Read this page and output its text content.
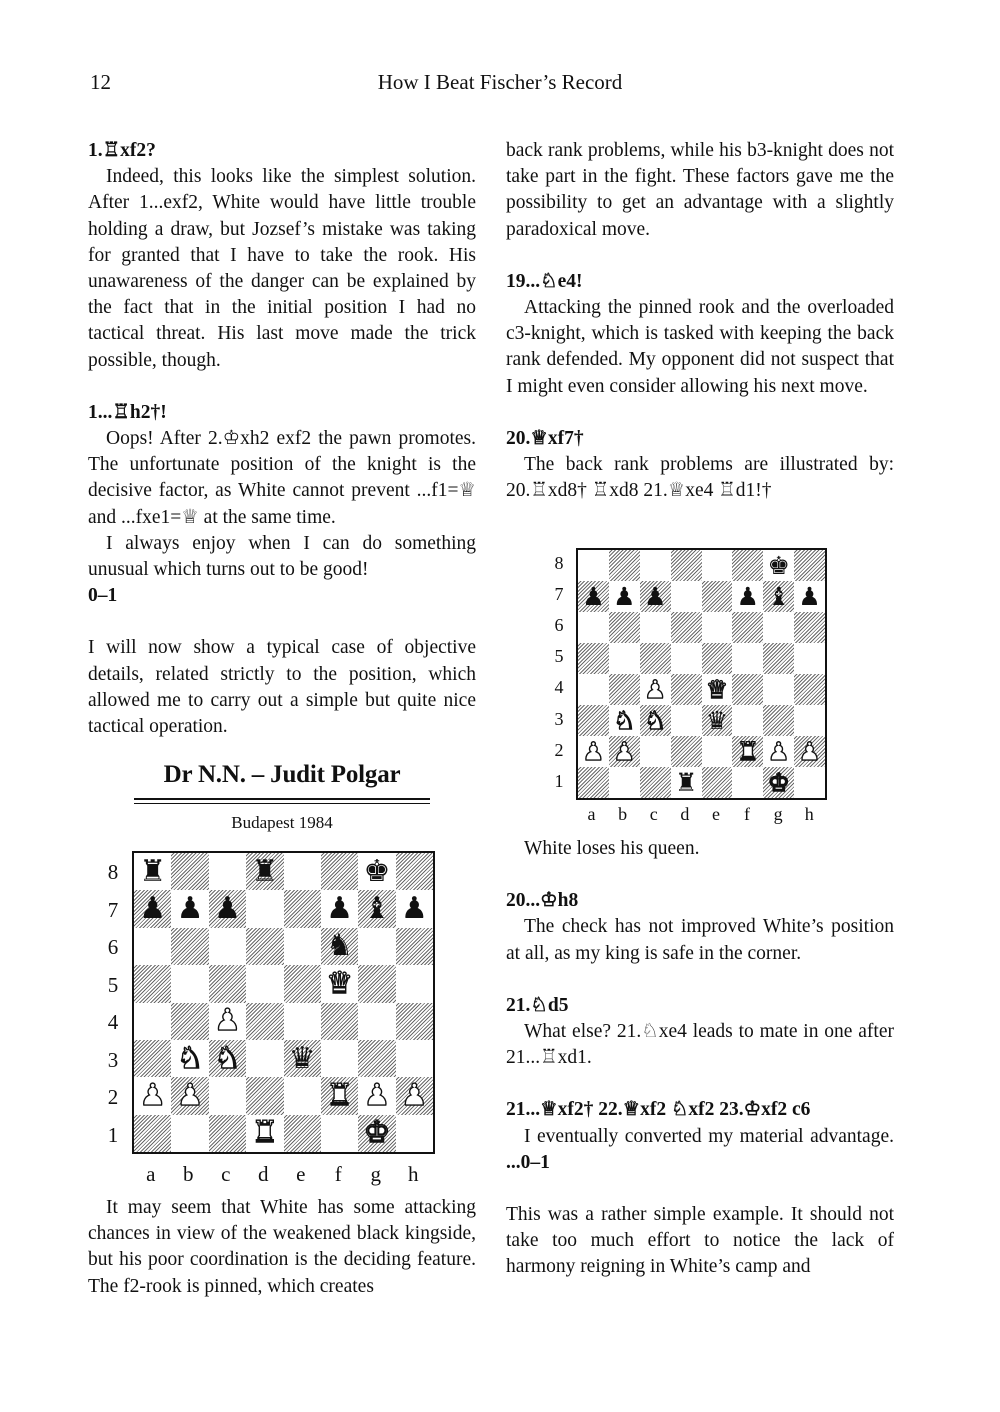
12	How I Beat Fischer’s Record
1.♖xf2?

Indeed, this looks like the simplest solution. After 1...exf2, White would have little trouble holding a draw, but Jozsef’s mistake was taking for granted that I have to take the rook. His unawareness of the danger can be explained by the fact that in the initial position I had no tactical threat. His last move made the trick possible, though.

1...♖h2†!

Oops! After 2.♔xh2 exf2 the pawn promotes. The unfortunate position of the knight is the decisive factor, as White cannot prevent ...f1=♕ and ...fxe1=♕ at the same time.

I always enjoy when I can do something unusual which turns out to be good!

0–1

I will now show a typical case of objective details, related strictly to the position, which allowed me to carry out a simple but quite nice tactical operation.

Dr N.N. – Judit Polgar
Budapest 1984
♜	♜	♚
♟ ♟ ♟	♟ ♝ ♟
♞
♛
♟
♞ ♞ ♛
♟ ♟	♜ ♟ ♟
♜	♚
8
7
6
5
4
3
2
1
a	b	c	d	e	f	g	h

It may seem that White has some attacking chances in view of the weakened black kingside, but his poor coordination is the deciding feature. The f2-rook is pinned, which creates

back rank problems, while his b3-knight does not take part in the fight. These factors gave me the possibility to get an advantage with a slightly paradoxical move.

19...♘e4!

Attacking the pinned rook and the overloaded c3-knight, which is tasked with keeping the back rank defended. My opponent did not suspect that I might even consider allowing his next move.

20.♕xf7†

The back rank problems are illustrated by: 20.♖xd8† ♖xd8 21.♕xe4 ♖d1!†

♚
♟ ♟ ♟	♟ ♝ ♟
♟ ♛
♞ ♞ ♛
♟ ♟	♜ ♟ ♟
♜	♚
8
7
6
5
4
3
2
1
a	b	c	d	e	f	g	h

White loses his queen.

20...♔h8

The check has not improved White’s position at all, as my king is safe in the corner.

21.♘d5

What else? 21.♘xe4 leads to mate in one after 21...♖xd1.

21...♕xf2† 22.♕xf2 ♘xf2 23.♔xf2 c6

I eventually converted my material advantage.

...0–1

This was a rather simple example. It should not take too much effort to notice the lack of harmony reigning in White’s camp and
